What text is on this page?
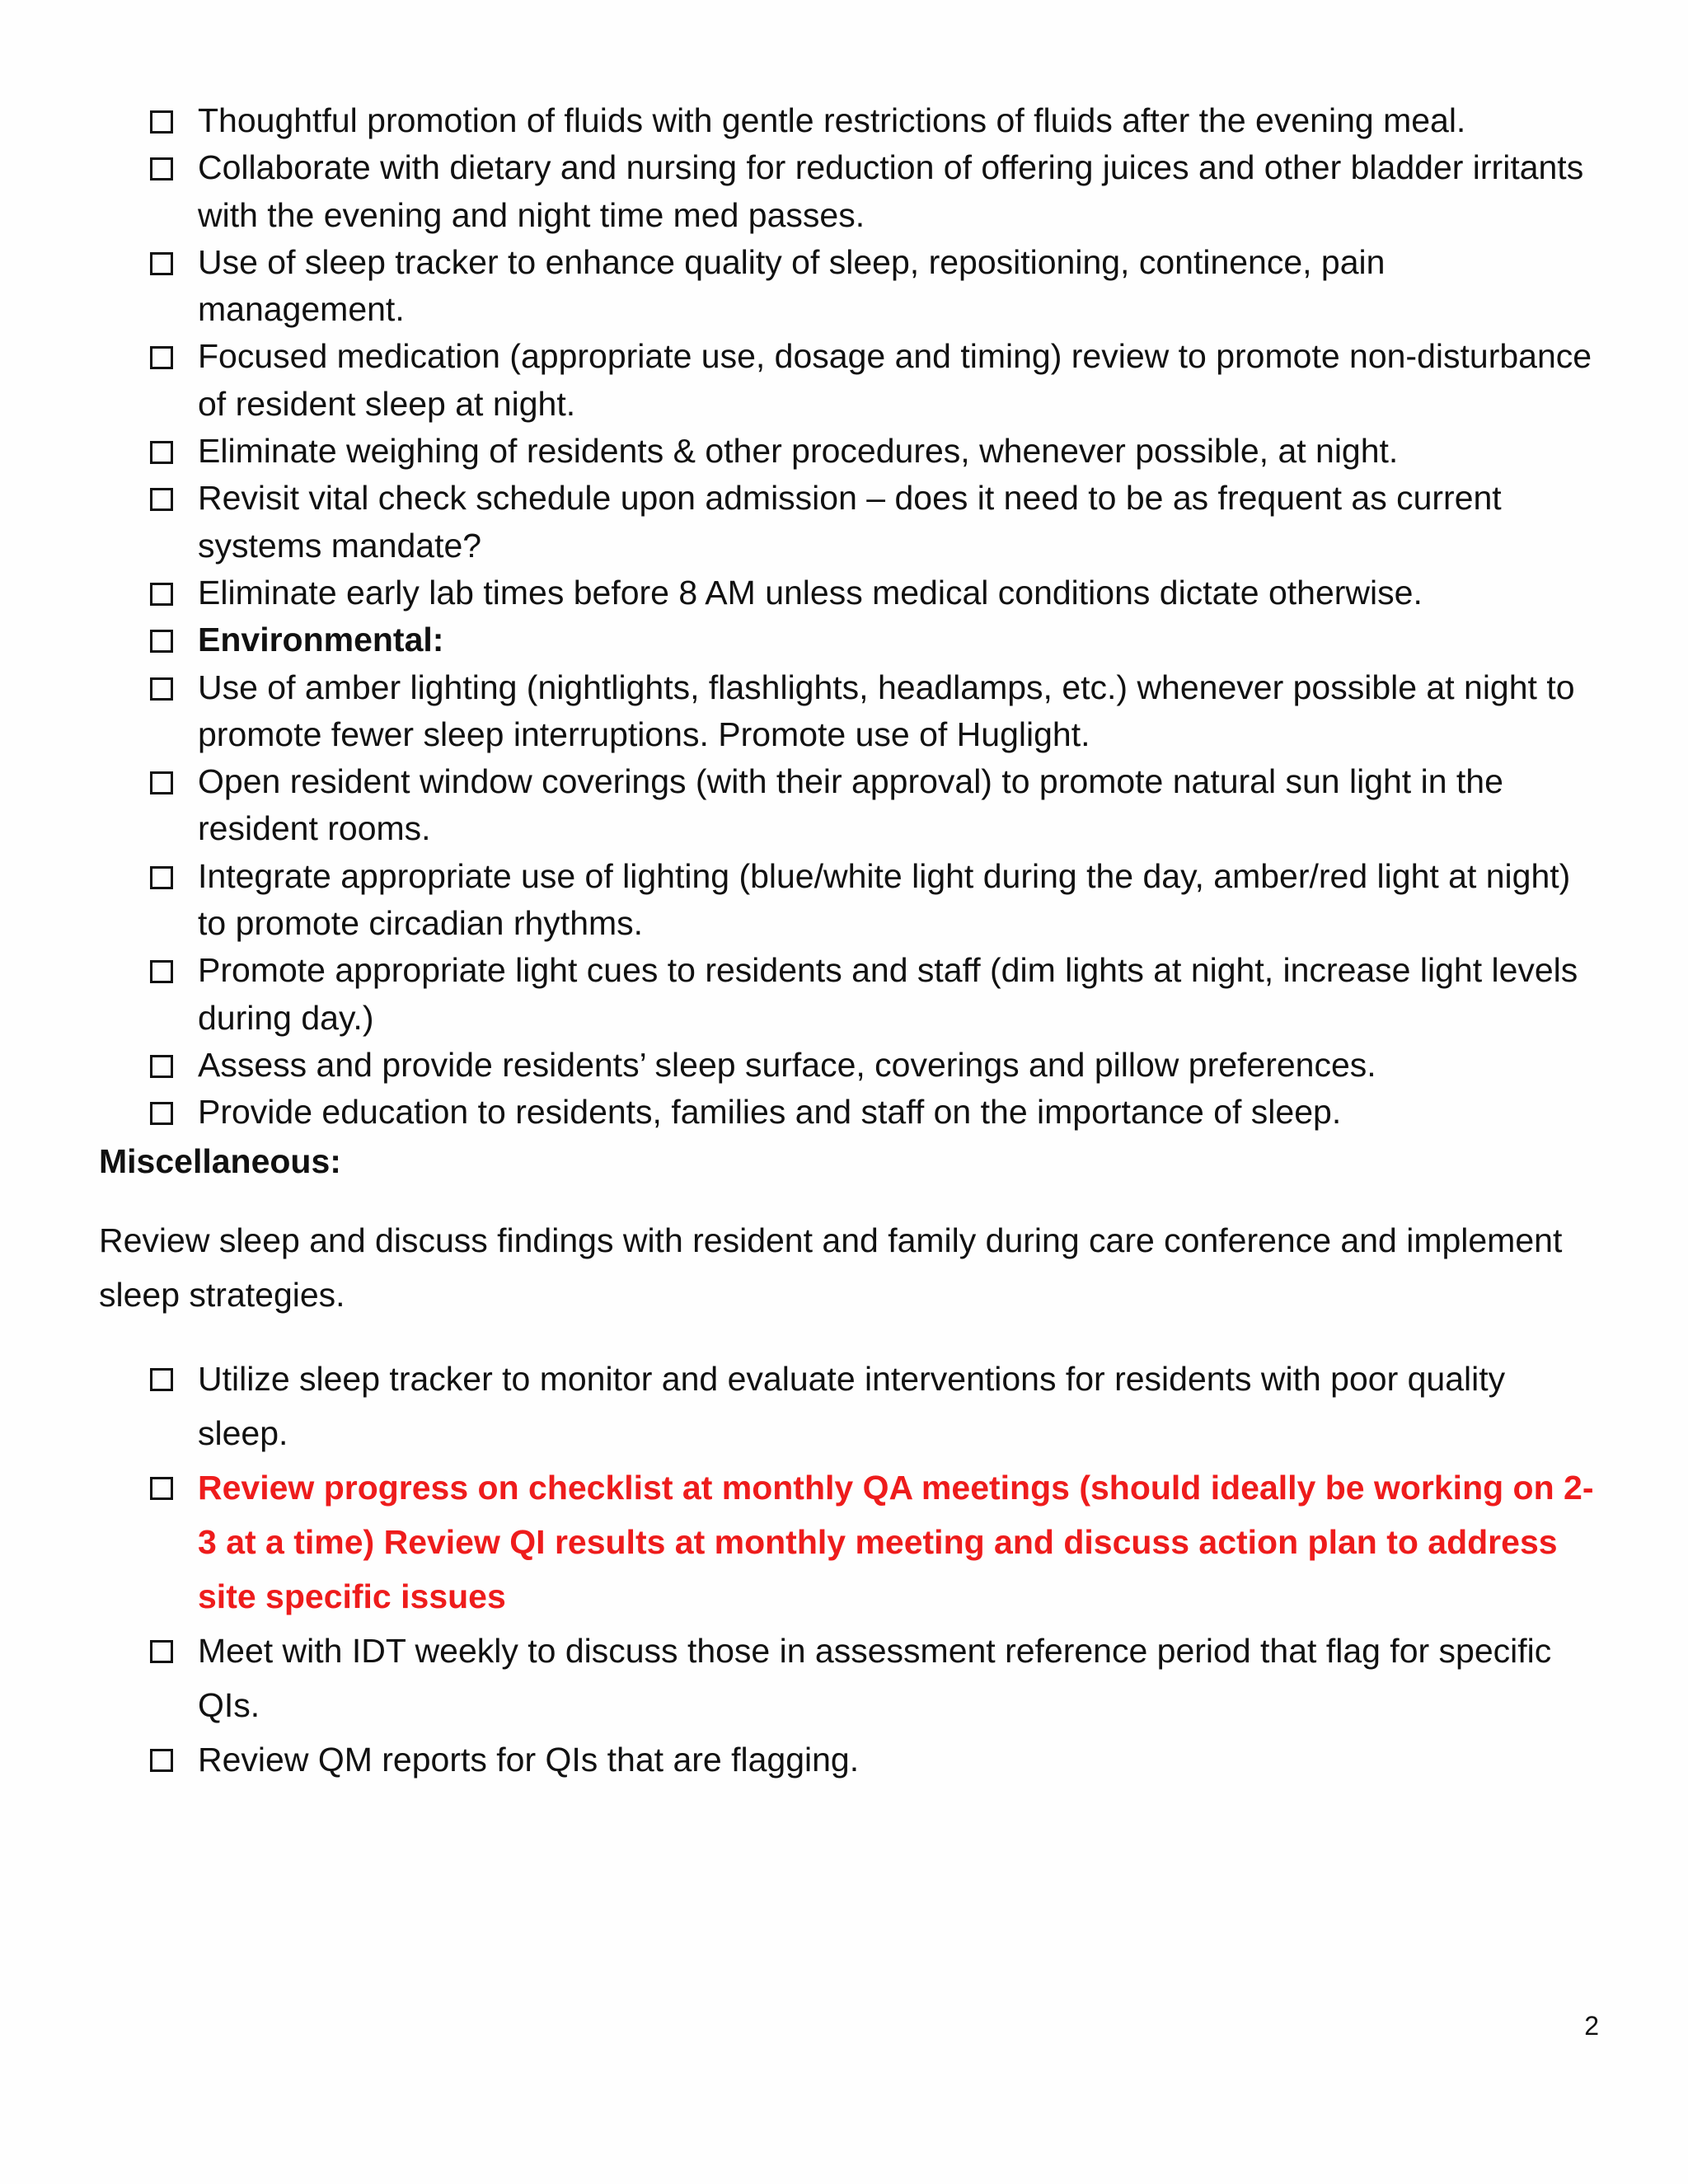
Thoughtful promotion of fluids with gentle restrictions of fluids after the evening meal.
Collaborate with dietary and nursing for reduction of offering juices and other bladder irritants with the evening and night time med passes.
Use of sleep tracker to enhance quality of sleep, repositioning, continence, pain management.
Focused medication (appropriate use, dosage and timing) review to promote non-disturbance of resident sleep at night.
Eliminate weighing of residents & other procedures, whenever possible, at night.
Revisit vital check schedule upon admission – does it need to be as frequent as current systems mandate?
Eliminate early lab times before 8 AM unless medical conditions dictate otherwise.
Environmental:
Use of amber lighting (nightlights, flashlights, headlamps, etc.) whenever possible at night to promote fewer sleep interruptions. Promote use of Huglight.
Open resident window coverings (with their approval) to promote natural sun light in the resident rooms.
Integrate appropriate use of lighting (blue/white light during the day, amber/red light at night) to promote circadian rhythms.
Promote appropriate light cues to residents and staff (dim lights at night, increase light levels during day.)
Assess and provide residents’ sleep surface, coverings and pillow preferences.
Provide education to residents, families and staff on the importance of sleep.

Miscellaneous:

Review sleep and discuss findings with resident and family during care conference and implement sleep strategies.

Utilize sleep tracker to monitor and evaluate interventions for residents with poor quality sleep.
Review progress on checklist at monthly QA meetings (should ideally be working on 2-3 at a time) Review QI results at monthly meeting and discuss action plan to address site specific issues
Meet with IDT weekly to discuss those in assessment reference period that flag for specific QIs.
Review QM reports for QIs that are flagging.
2
